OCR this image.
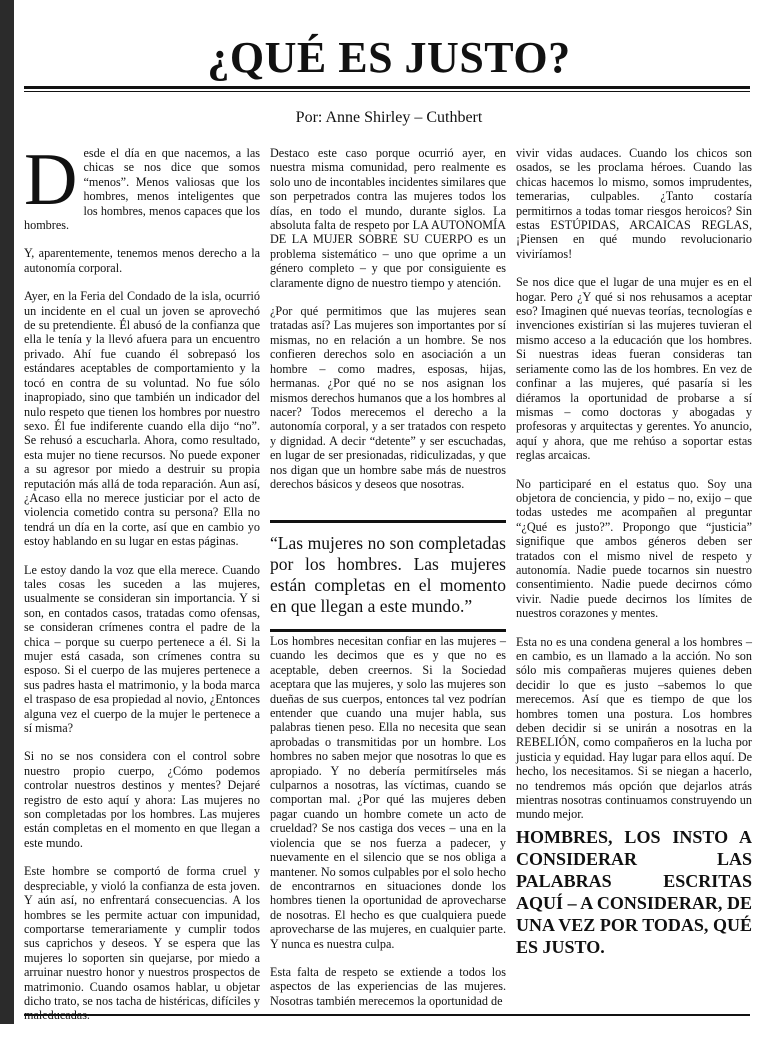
¿QUÉ ES JUSTO?
Por: Anne Shirley – Cuthbert

Desde el día en que nacemos, a las chicas se nos dice que somos “menos”. Menos valiosas que los hombres, menos inteligentes que los hombres, menos capaces que los hombres.

Y, aparentemente, tenemos menos derecho a la autonomía corporal.

Ayer, en la Feria del Condado de la isla, ocurrió un incidente en el cual un joven se aprovechó de su pretendiente. Él abusó de la confianza que ella le tenía y la llevó afuera para un encuentro privado. Ahí fue cuando él sobrepasó los estándares aceptables de comportamiento y la tocó en contra de su voluntad. No fue sólo inapropiado, sino que también un indicador del nulo respeto que tienen los hombres por nuestro sexo. Él fue indiferente cuando ella dijo “no”. Se rehusó a escucharla. Ahora, como resultado, esta mujer no tiene recursos. No puede exponer a su agresor por miedo a destruir su propia reputación más allá de toda reparación. Aun así, ¿Acaso ella no merece justiciar por el acto de violencia cometido contra su persona? Ella no tendrá un día en la corte, así que en cambio yo estoy hablando en su lugar en estas páginas.

Le estoy dando la voz que ella merece. Cuando tales cosas les suceden a las mujeres, usualmente se consideran sin importancia. Y si son, en contados casos, tratadas como ofensas, se consideran crímenes contra el padre de la chica – porque su cuerpo pertenece a él. Si la mujer está casada, son crímenes contra su esposo. Si el cuerpo de las mujeres pertenece a sus padres hasta el matrimonio, y la boda marca el traspaso de esa propiedad al novio, ¿Entonces alguna vez el cuerpo de la mujer le pertenece a sí misma?

Si no se nos considera con el control sobre nuestro propio cuerpo, ¿Cómo podemos controlar nuestros destinos y mentes? Dejaré registro de esto aquí y ahora: Las mujeres no son completadas por los hombres. Las mujeres están completas en el momento en que llegan a este mundo.

Este hombre se comportó de forma cruel y despreciable, y violó la confianza de esta joven. Y aún así, no enfrentará consecuencias. A los hombres se les permite actuar con impunidad, comportarse temerariamente y cumplir todos sus caprichos y deseos. Y se espera que las mujeres lo soporten sin quejarse, por miedo a arruinar nuestro honor y nuestros prospectos de matrimonio. Cuando osamos hablar, u objetar dicho trato, se nos tacha de histéricas, difíciles y

Destaco este caso porque ocurrió ayer, en nuestra misma comunidad, pero realmente es solo uno de incontables incidentes similares que son perpetrados contra las mujeres todos los días, en todo el mundo, durante siglos. La absoluta falta de respeto por LA AUTONOMÍA DE LA MUJER SOBRE SU CUERPO es un problema sistemático – uno que oprime a un género completo – y que por consiguiente es claramente digno de nuestro tiempo y atención.

¿Por qué permitimos que las mujeres sean tratadas así? Las mujeres son importantes por sí mismas, no en relación a un hombre. Se nos confieren derechos solo en asociación a un hombre – como madres, esposas, hijas, hermanas. ¿Por qué no se nos asignan los mismos derechos humanos que a los hombres al nacer? Todos merecemos el derecho a la autonomía corporal, y a ser tratados con respeto y dignidad. A decir “detente” y ser escuchadas, en lugar de ser presionadas, ridiculizadas, y que nos digan que un hombre sabe más de nuestros derechos básicos y deseos que nosotras.

“Las mujeres no son completadas por los hombres. Las mujeres están completas en el momento en que llegan a este mundo.”

Los hombres necesitan confiar en las mujeres – cuando les decimos que es y que no es aceptable, deben creernos. Si la Sociedad aceptara que las mujeres, y solo las mujeres son dueñas de sus cuerpos, entonces tal vez podrían entender que cuando una mujer habla, sus palabras tienen peso. Ella no necesita que sean aprobadas o transmitidas por un hombre. Los hombres no saben mejor que nosotras lo que es apropiado. Y no debería permitírseles más culparnos a nosotras, las víctimas, cuando se comportan mal. ¿Por qué las mujeres deben pagar cuando un hombre comete un acto de crueldad? Se nos castiga dos veces – una en la violencia que se nos fuerza a padecer, y nuevamente en el silencio que se nos obliga a mantener. No somos culpables por el solo hecho de encontrarnos en situaciones donde los hombres tienen la oportunidad de aprovecharse de nosotras. El hecho es que cualquiera puede aprovecharse de las mujeres, en cualquier parte. Y nunca es nuestra culpa.

Esta falta de respeto se extiende a todos los aspectos de las experiencias de las mujeres. Nosotras también merecemos la oportunidad de

vivir vidas audaces. Cuando los chicos son osados, se les proclama héroes. Cuando las chicas hacemos lo mismo, somos imprudentes, temerarias, culpables. ¿Tanto costaría permitirnos a todas tomar riesgos heroicos? Sin estas ESTÚPIDAS, ARCAICAS REGLAS, ¡Piensen en qué mundo revolucionario viviríamos!

Se nos dice que el lugar de una mujer es en el hogar. Pero ¿Y qué si nos rehusamos a aceptar eso? Imaginen qué nuevas teorías, tecnologías e invenciones existirían si las mujeres tuvieran el mismo acceso a la educación que los hombres. Si nuestras ideas fueran consideras tan seriamente como las de los hombres. En vez de confinar a las mujeres, qué pasaría si les diéramos la oportunidad de probarse a sí mismas – como doctoras y abogadas y profesoras y arquitectas y gerentes. Yo anuncio, aquí y ahora, que me rehúso a soportar estas reglas arcaicas.

No participaré en el estatus quo. Soy una objetora de conciencia, y pido – no, exijo – que todas ustedes me acompañen al preguntar “¿Qué es justo?”. Propongo que “justicia” signifique que ambos géneros deben ser tratados con el mismo nivel de respeto y autonomía. Nadie puede tocarnos sin nuestro consentimiento. Nadie puede decirnos cómo vivir. Nadie puede decirnos los límites de nuestros corazones y mentes.

Esta no es una condena general a los hombres – en cambio, es un llamado a la acción. No son sólo mis compañeras mujeres quienes deben decidir lo que es justo –sabemos lo que merecemos. Así que es tiempo de que los hombres tomen una postura. Los hombres deben decidir si se unirán a nosotras en la REBELIÓN, como compañeros en la lucha por justicia y equidad. Hay lugar para ellos aquí. De hecho, los necesitamos. Si se niegan a hacerlo, no tendremos más opción que dejarlos atrás mientras nosotras continuamos construyendo un mundo mejor.

HOMBRES, LOS INSTO A CONSIDERAR LAS PALABRAS ESCRITAS AQUÍ – A CONSIDERAR, DE UNA VEZ POR TODAS, QUÉ ES JUSTO.
